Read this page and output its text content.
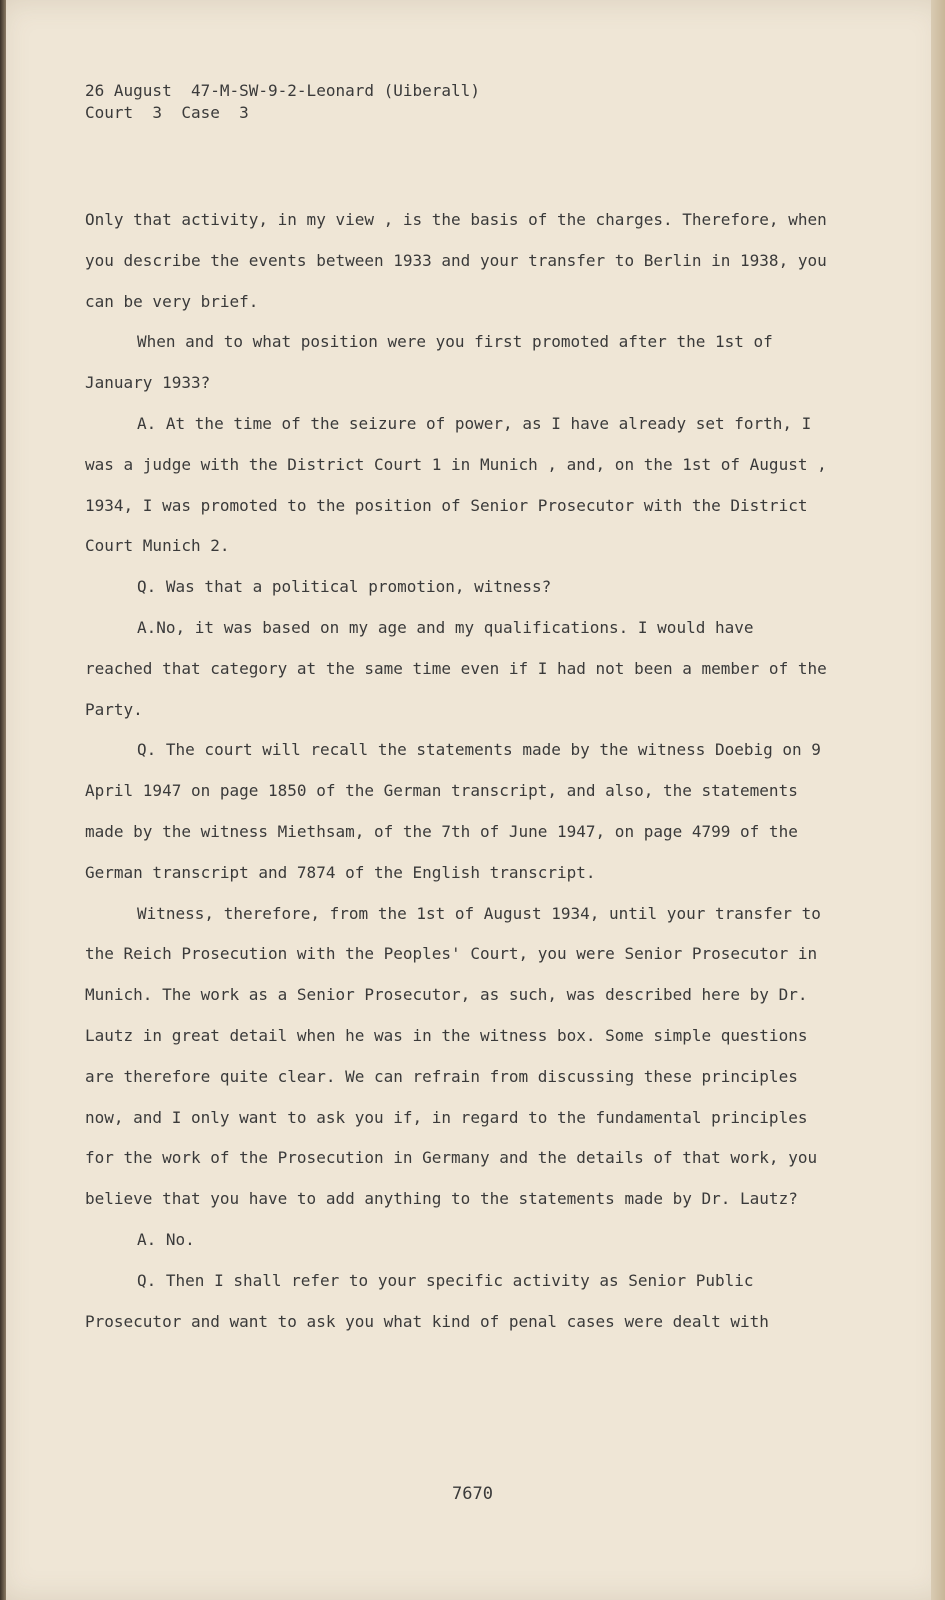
26 August  47-M-SW-9-2-Leonard (Uiberall)
Court  3  Case  3

Only that activity, in my view , is the basis of the charges. Therefore, when you describe the events between 1933 and your transfer to Berlin in 1938, you can be very brief.

When and to what position were you first promoted after the 1st of January 1933?

A. At the time of the seizure of power, as I have already set forth, I was a judge with the District Court 1 in Munich , and, on the 1st of August , 1934, I was promoted to the position of Senior Prosecutor with the District Court Munich 2.

Q. Was that a political promotion, witness?

A.No, it was based on my age and my qualifications. I would have reached that category at the same time even if I had not been a member of the Party.

Q. The court will recall the statements made by the witness Doebig on 9 April 1947 on page 1850 of the German transcript, and also, the statements made by the witness Miethsam, of the 7th of June 1947, on page 4799 of the German transcript and 7874 of the English transcript.

Witness, therefore, from the 1st of August 1934, until your transfer to the Reich Prosecution with the Peoples' Court, you were Senior Prosecutor in Munich. The work as a Senior Prosecutor, as such, was described here by Dr. Lautz in great detail when he was in the witness box. Some simple questions are therefore quite clear. We can refrain from discussing these principles now, and I only want to ask you if, in regard to the fundamental principles for the work of the Prosecution in Germany and the details of that work, you believe that you have to add anything to the statements made by Dr. Lautz?

A. No.

Q. Then I shall refer to your specific activity as Senior Public Prosecutor and want to ask you what kind of penal cases were dealt with

7670
